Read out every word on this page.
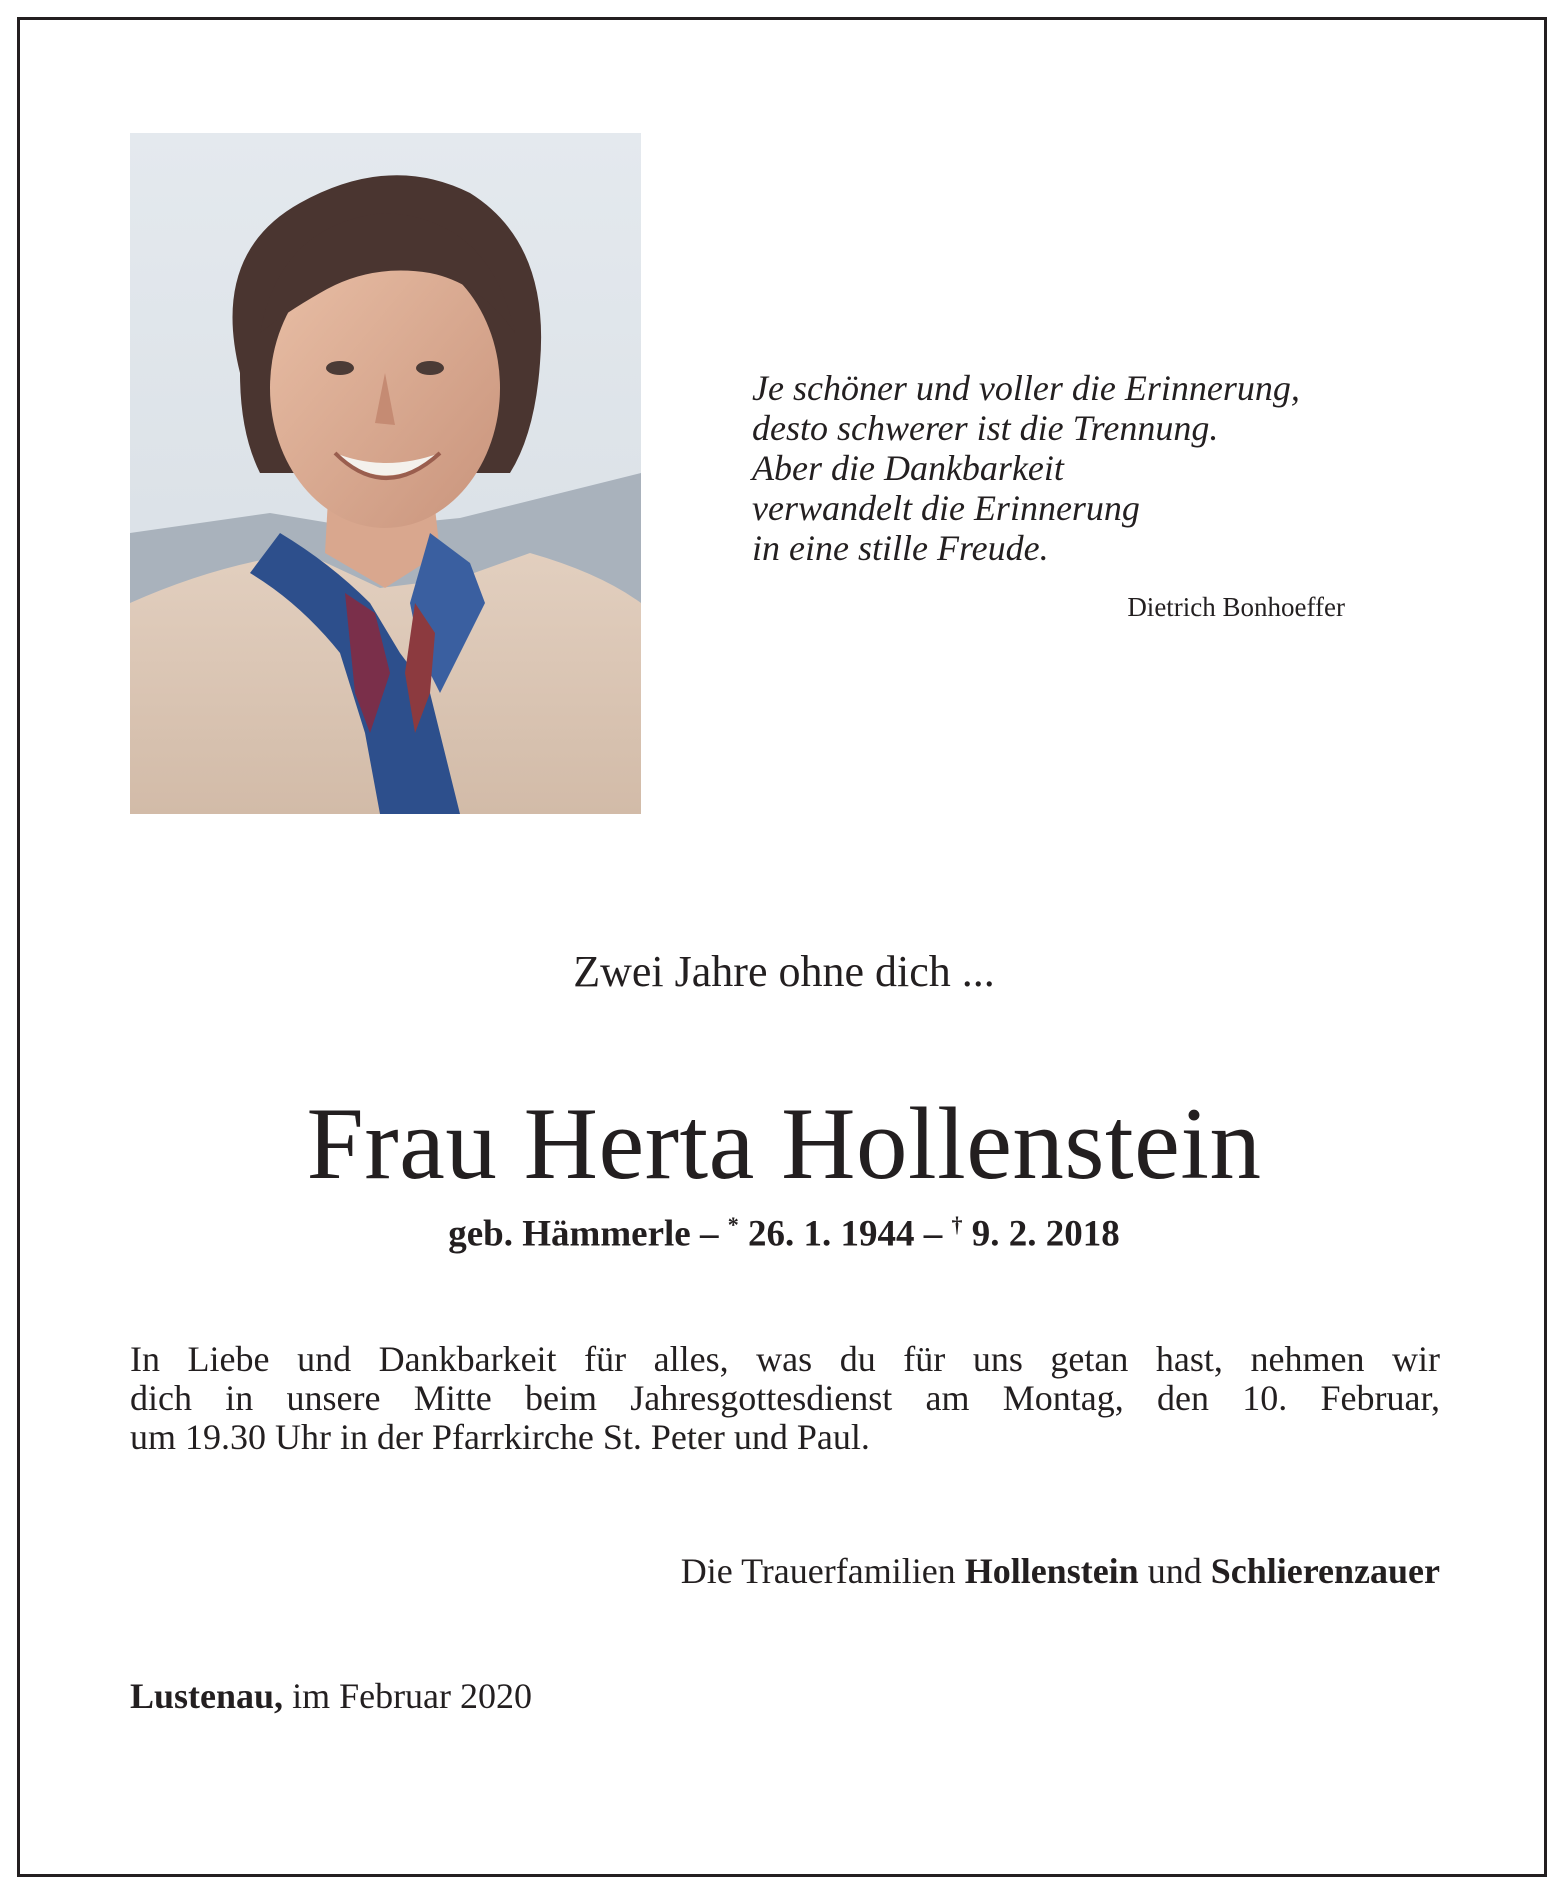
Je schöner und voller die Erinnerung,
desto schwerer ist die Trennung.
Aber die Dankbarkeit
verwandelt die Erinnerung
in eine stille Freude.
Dietrich Bonhoeffer
Zwei Jahre ohne dich ...
Frau Herta Hollenstein
geb. Hämmerle – * 26. 1. 1944 – † 9. 2. 2018
In Liebe und Dankbarkeit für alles, was du für uns getan hast, nehmen wir
dich in unsere Mitte beim Jahresgottesdienst am Montag, den 10. Februar,
um 19.30 Uhr in der Pfarrkirche St. Peter und Paul.
Die Trauerfamilien Hollenstein und Schlierenzauer
Lustenau, im Februar 2020
